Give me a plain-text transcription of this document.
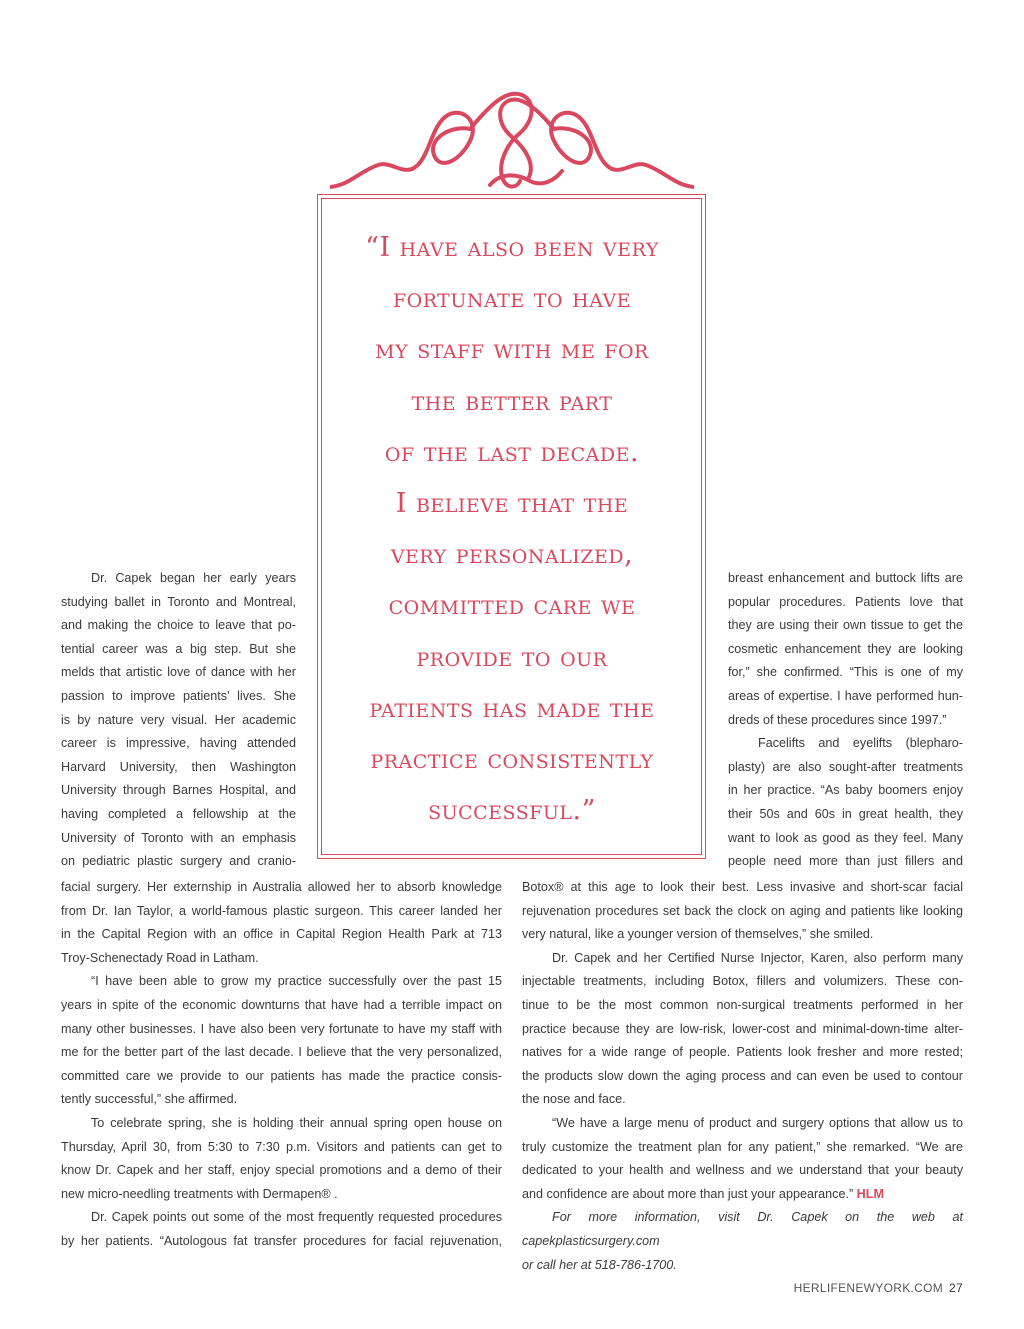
“I have also been very
fortunate to have
my staff with me for
the better part
of the last decade.
I believe that the
very personalized,
committed care we
provide to our
patients has made the
practice consistently
successful.”
Dr. Capek began her early years
studying ballet in Toronto and Montreal,
and making the choice to leave that po-
tential career was a big step. But she
melds that artistic love of dance with her
passion to improve patients’ lives. She
is by nature very visual. Her academic
career is impressive, having attended
Harvard University, then Washington
University through Barnes Hospital, and
having completed a fellowship at the
University of Toronto with an emphasis
on pediatric plastic surgery and cranio-
breast enhancement and buttock lifts are
popular procedures. Patients love that
they are using their own tissue to get the
cosmetic enhancement they are looking
for,” she confirmed. “This is one of my
areas of expertise. I have performed hun-
dreds of these procedures since 1997.”
Facelifts and eyelifts (blepharo-
plasty) are also sought-after treatments
in her practice. “As baby boomers enjoy
their 50s and 60s in great health, they
want to look as good as they feel. Many
people need more than just fillers and
facial surgery. Her externship in Australia allowed her to absorb knowledge
from Dr. Ian Taylor, a world-famous plastic surgeon. This career landed her
in the Capital Region with an office in Capital Region Health Park at 713
Troy-Schenectady Road in Latham.
“I have been able to grow my practice successfully over the past 15
years in spite of the economic downturns that have had a terrible impact on
many other businesses. I have also been very fortunate to have my staff with
me for the better part of the last decade. I believe that the very personalized,
committed care we provide to our patients has made the practice consis-
tently successful,” she affirmed.
To celebrate spring, she is holding their annual spring open house on
Thursday, April 30, from 5:30 to 7:30 p.m. Visitors and patients can get to
know Dr. Capek and her staff, enjoy special promotions and a demo of their
new micro-needling treatments with Dermapen® .
Dr. Capek points out some of the most frequently requested procedures
by her patients. “Autologous fat transfer procedures for facial rejuvenation,
Botox® at this age to look their best. Less invasive and short-scar facial
rejuvenation procedures set back the clock on aging and patients like looking
very natural, like a younger version of themselves,” she smiled.
Dr. Capek and her Certified Nurse Injector, Karen, also perform many
injectable treatments, including Botox, fillers and volumizers. These con-
tinue to be the most common non-surgical treatments performed in her
practice because they are low-risk, lower-cost and minimal-down-time alter-
natives for a wide range of people. Patients look fresher and more rested;
the products slow down the aging process and can even be used to contour
the nose and face.
“We have a large menu of product and surgery options that allow us to
truly customize the treatment plan for any patient,” she remarked. “We are
dedicated to your health and wellness and we understand that your beauty
and confidence are about more than just your appearance.” HLM
For more information, visit Dr. Capek on the web at capekplasticsurgery.com
or call her at 518-786-1700.
HERLIFENEWYORK.COM 27
